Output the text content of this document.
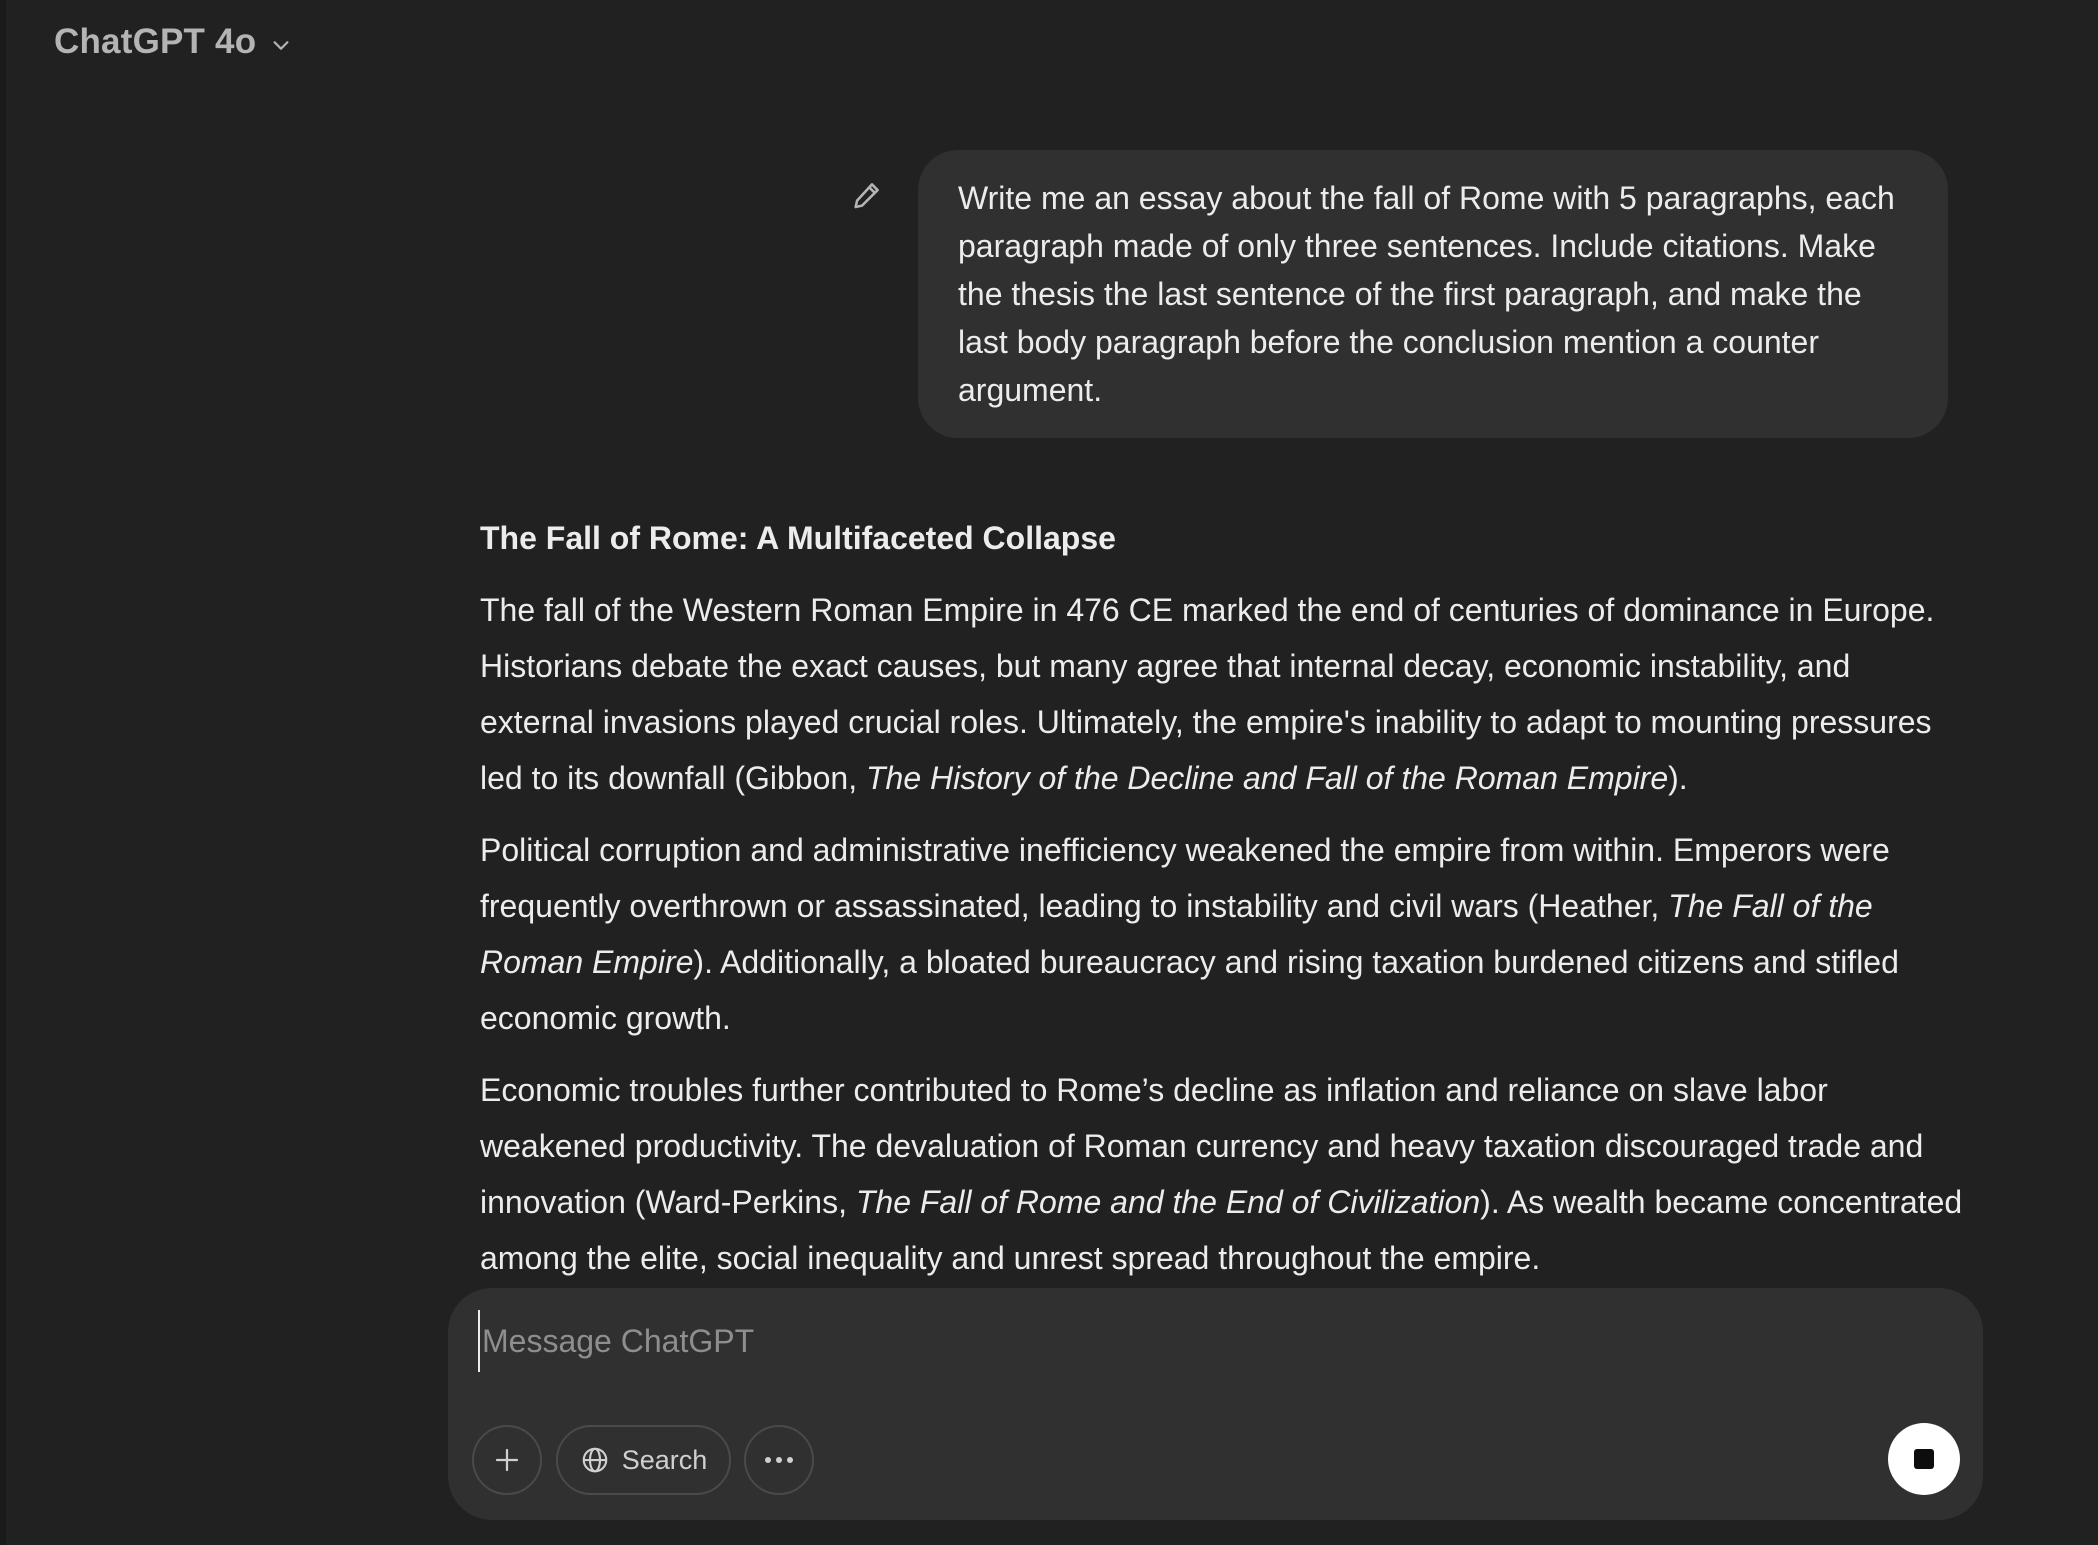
ChatGPT 4o
Write me an essay about the fall of Rome with 5 paragraphs, each paragraph made of only three sentences. Include citations. Make the thesis the last sentence of the first paragraph, and make the last body paragraph before the conclusion mention a counter argument.

The Fall of Rome: A Multifaceted Collapse

The fall of the Western Roman Empire in 476 CE marked the end of centuries of dominance in Europe. Historians debate the exact causes, but many agree that internal decay, economic instability, and external invasions played crucial roles. Ultimately, the empire's inability to adapt to mounting pressures led to its downfall (Gibbon, The History of the Decline and Fall of the Roman Empire).

Political corruption and administrative inefficiency weakened the empire from within. Emperors were frequently overthrown or assassinated, leading to instability and civil wars (Heather, The Fall of the Roman Empire). Additionally, a bloated bureaucracy and rising taxation burdened citizens and stifled economic growth.

Economic troubles further contributed to Rome’s decline as inflation and reliance on slave labor weakened productivity. The devaluation of Roman currency and heavy taxation discouraged trade and innovation (Ward-Perkins, The Fall of Rome and the End of Civilization). As wealth became concentrated among the elite, social inequality and unrest spread throughout the empire.

Message ChatGPT
Search
